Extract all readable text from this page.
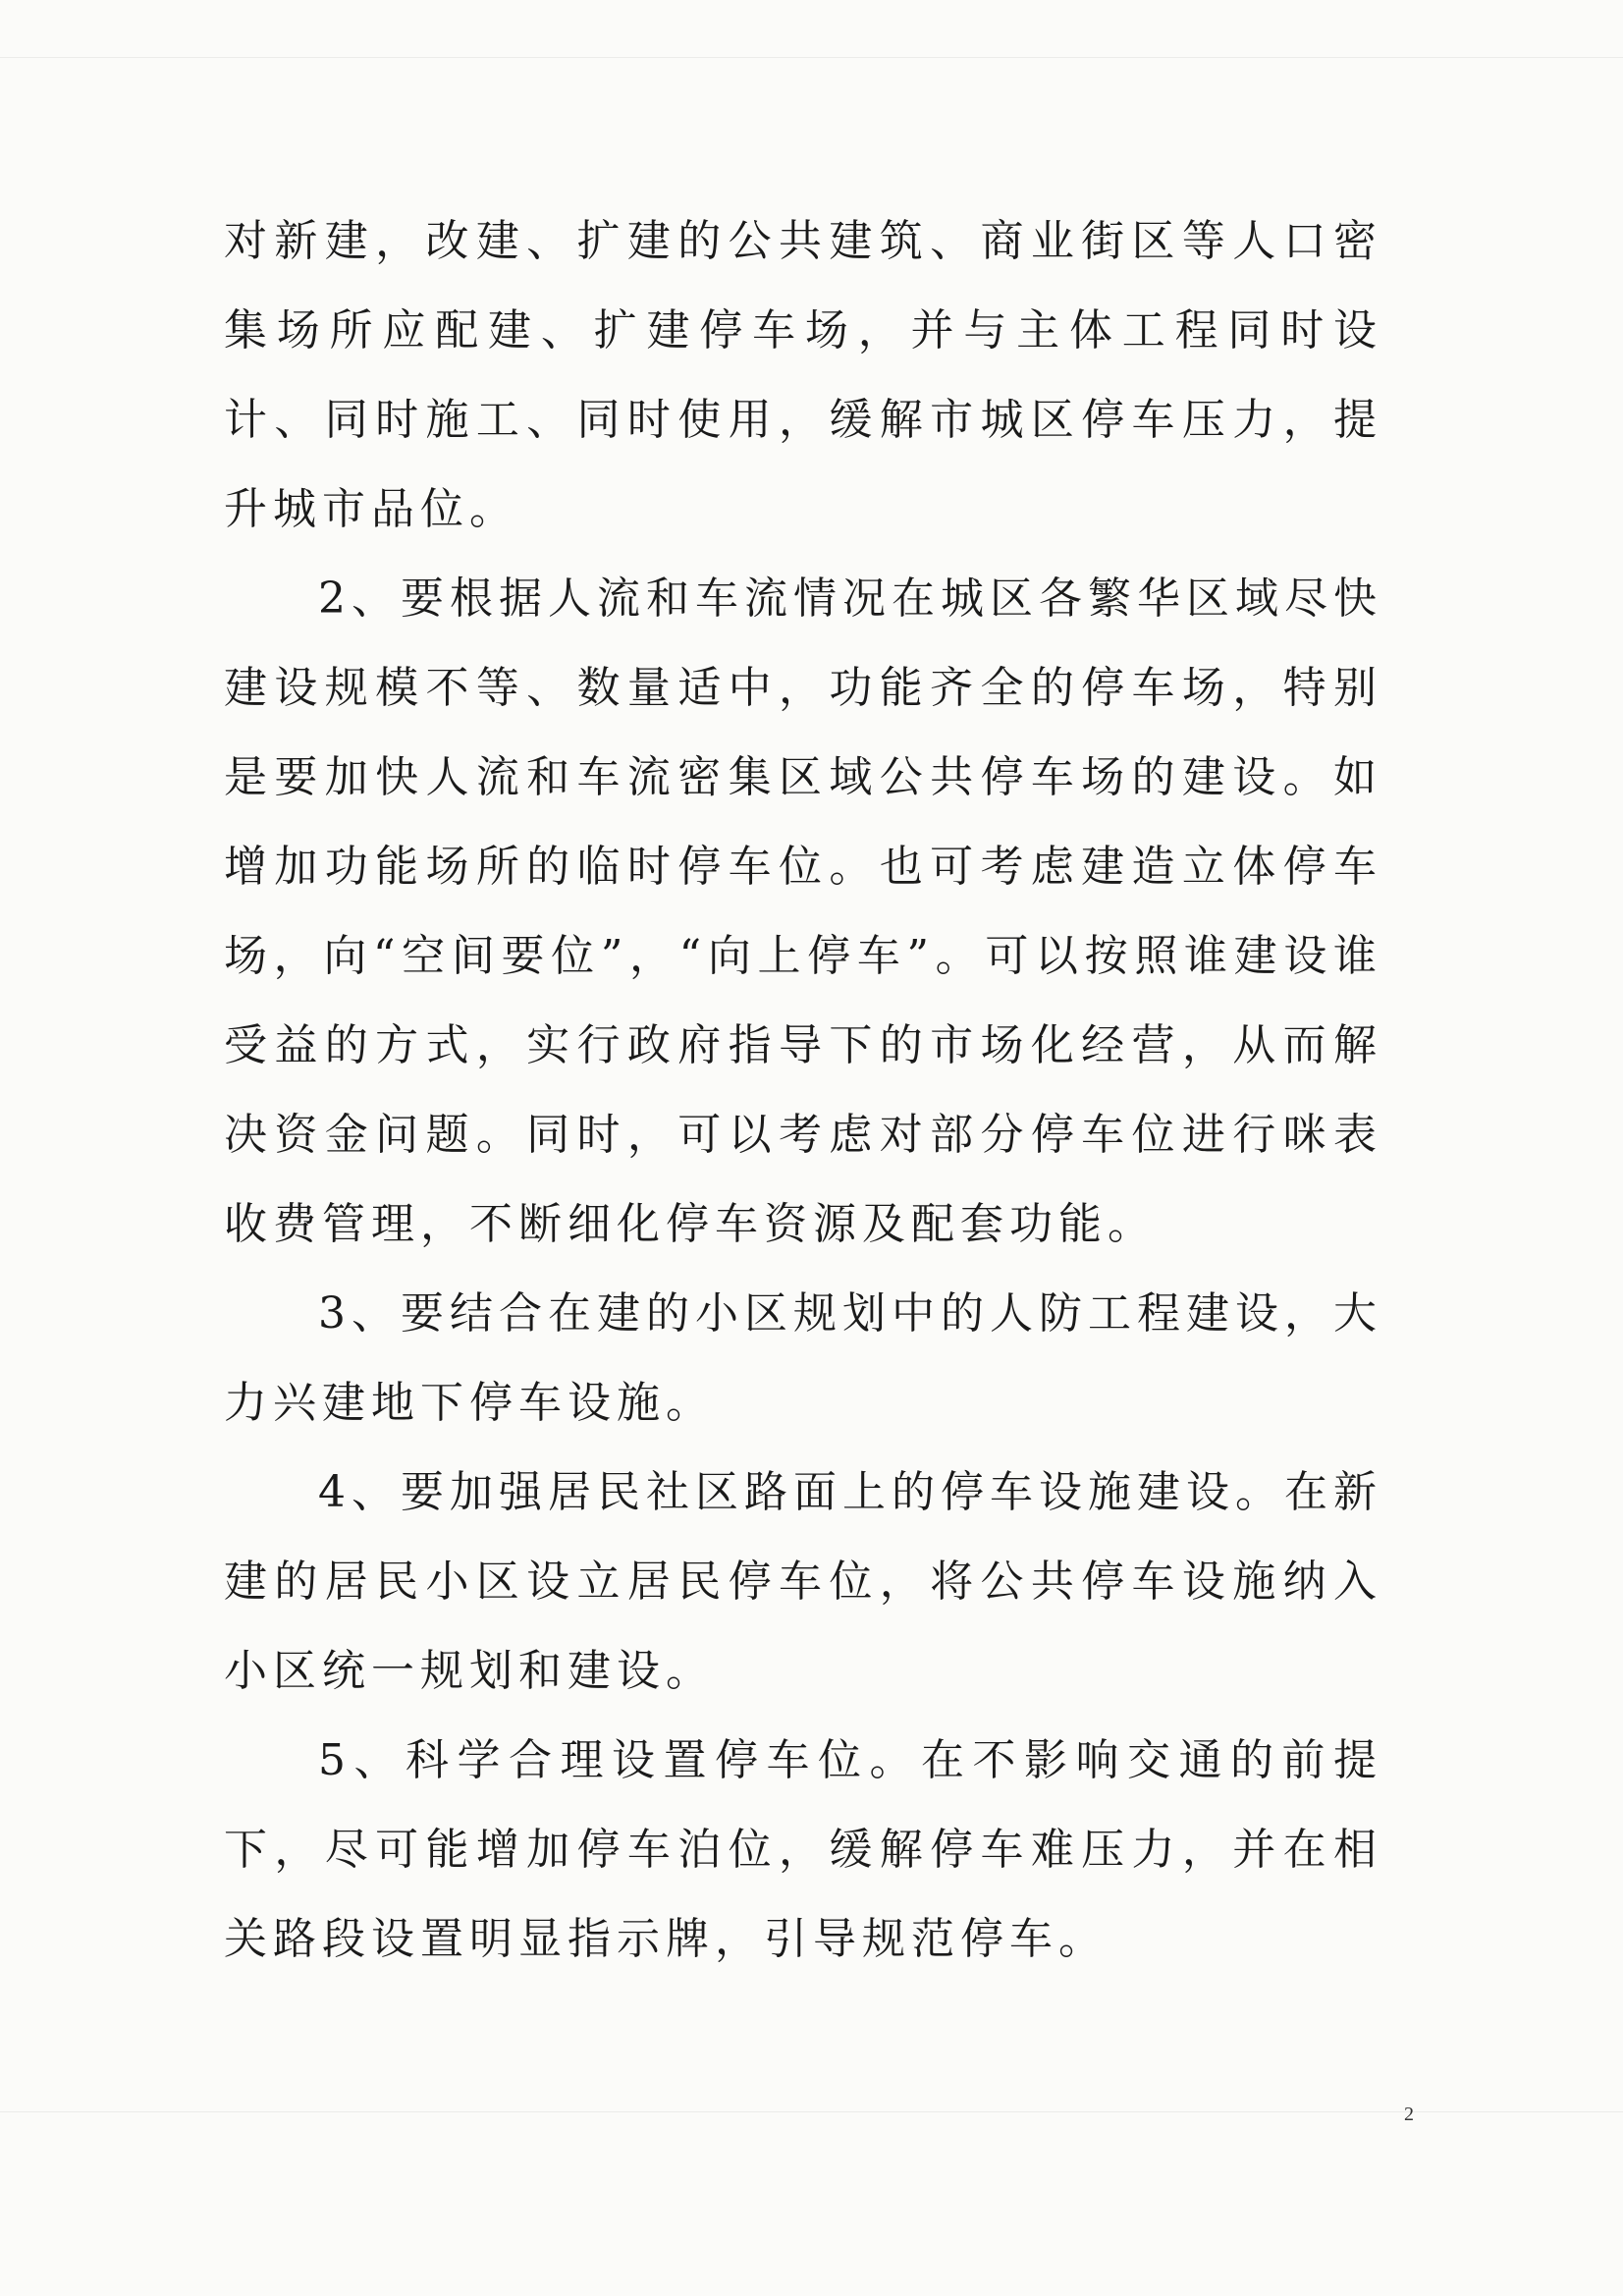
对新建，改建、扩建的公共建筑、商业街区等人口密集场所应配建、扩建停车场，并与主体工程同时设计、同时施工、同时使用，缓解市城区停车压力，提升城市品位。

2、要根据人流和车流情况在城区各繁华区域尽快建设规模不等、数量适中，功能齐全的停车场，特别是要加快人流和车流密集区域公共停车场的建设。如增加功能场所的临时停车位。也可考虑建造立体停车场，向“空间要位”，“向上停车”。可以按照谁建设谁受益的方式，实行政府指导下的市场化经营，从而解决资金问题。同时，可以考虑对部分停车位进行咪表收费管理，不断细化停车资源及配套功能。

3、要结合在建的小区规划中的人防工程建设，大力兴建地下停车设施。

4、要加强居民社区路面上的停车设施建设。在新建的居民小区设立居民停车位，将公共停车设施纳入小区统一规划和建设。

5、科学合理设置停车位。在不影响交通的前提下，尽可能增加停车泊位，缓解停车难压力，并在相关路段设置明显指示牌，引导规范停车。

2
